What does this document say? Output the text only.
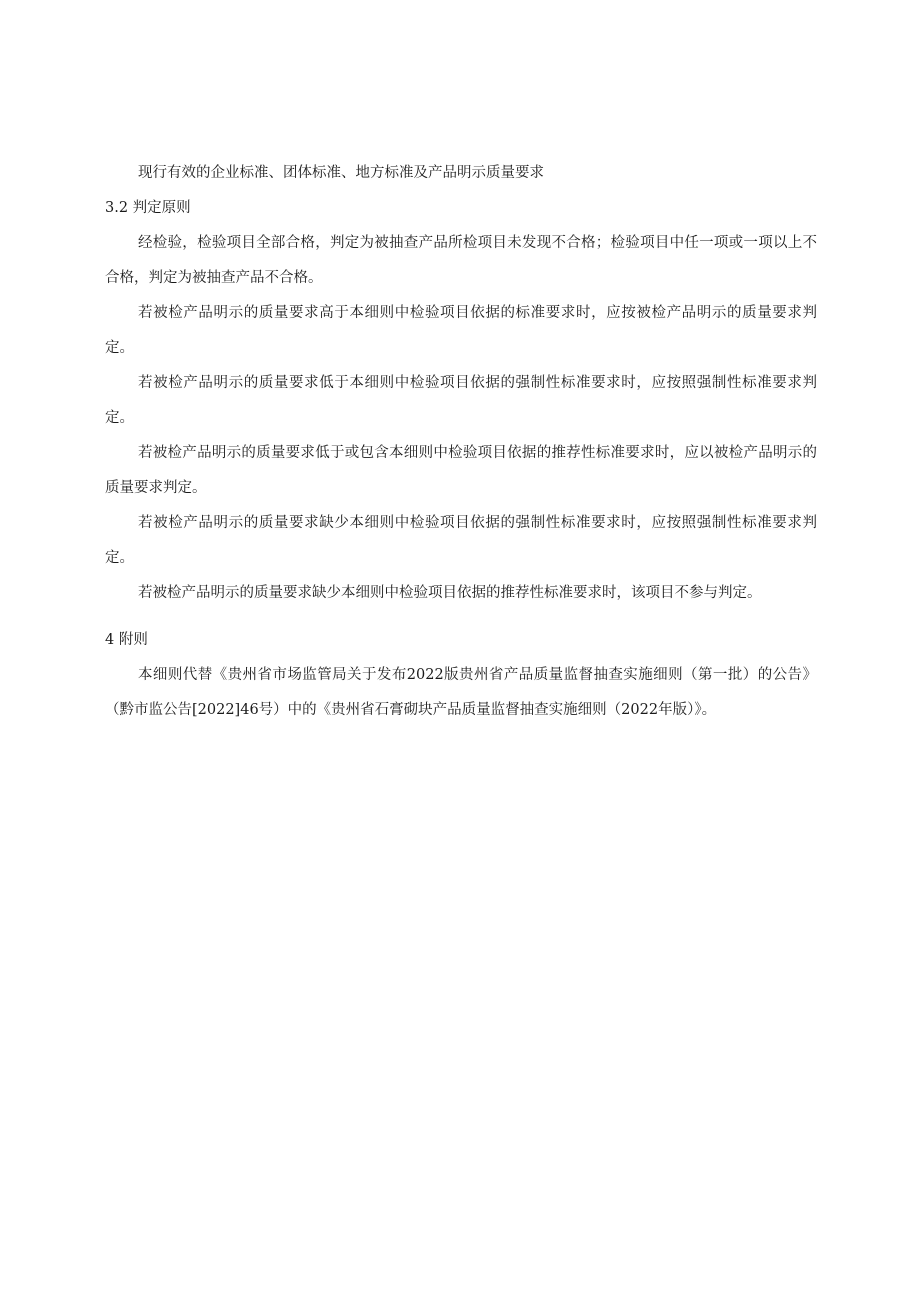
现行有效的企业标准、团体标准、地方标准及产品明示质量要求

3.2 判定原则

经检验，检验项目全部合格，判定为被抽查产品所检项目未发现不合格；检验项目中任一项或一项以上不合格，判定为被抽查产品不合格。

若被检产品明示的质量要求高于本细则中检验项目依据的标准要求时，应按被检产品明示的质量要求判定。

若被检产品明示的质量要求低于本细则中检验项目依据的强制性标准要求时，应按照强制性标准要求判定。

若被检产品明示的质量要求低于或包含本细则中检验项目依据的推荐性标准要求时，应以被检产品明示的质量要求判定。

若被检产品明示的质量要求缺少本细则中检验项目依据的强制性标准要求时，应按照强制性标准要求判定。

若被检产品明示的质量要求缺少本细则中检验项目依据的推荐性标准要求时，该项目不参与判定。

4 附则

本细则代替《贵州省市场监管局关于发布2022版贵州省产品质量监督抽查实施细则（第一批）的公告》（黔市监公告[2022]46号）中的《贵州省石膏砌块产品质量监督抽查实施细则（2022年版）》。
